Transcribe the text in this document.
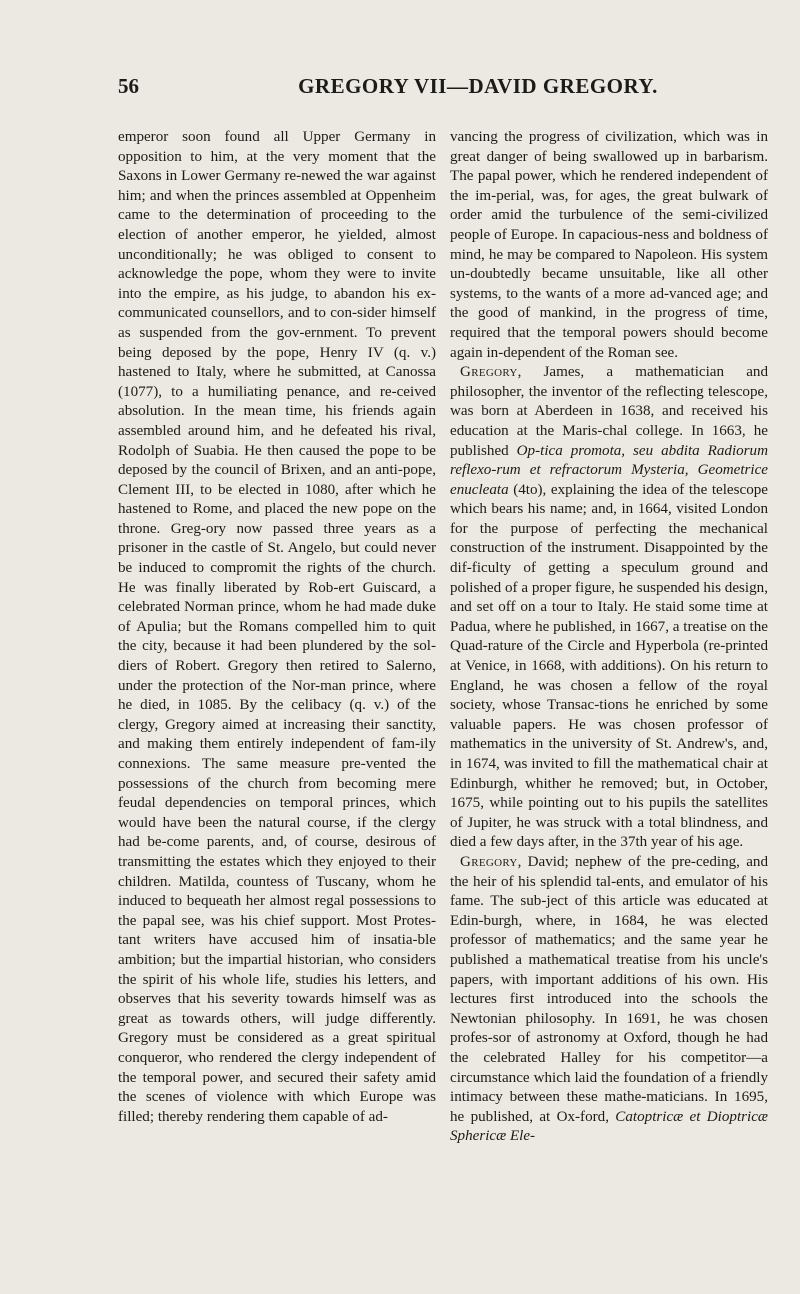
56	GREGORY VII—DAVID GREGORY.

emperor soon found all Upper Germany in opposition to him, at the very moment that the Saxons in Lower Germany re-newed the war against him; and when the princes assembled at Oppenheim came to the determination of proceeding to the election of another emperor, he yielded, almost unconditionally; he was obliged to consent to acknowledge the pope, whom they were to invite into the empire, as his judge, to abandon his ex-communicated counsellors, and to con-sider himself as suspended from the gov-ernment. To prevent being deposed by the pope, Henry IV (q. v.) hastened to Italy, where he submitted, at Canossa (1077), to a humiliating penance, and re-ceived absolution. In the mean time, his friends again assembled around him, and he defeated his rival, Rodolph of Suabia. He then caused the pope to be deposed by the council of Brixen, and an anti-pope, Clement III, to be elected in 1080, after which he hastened to Rome, and placed the new pope on the throne. Greg-ory now passed three years as a prisoner in the castle of St. Angelo, but could never be induced to compromit the rights of the church. He was finally liberated by Rob-ert Guiscard, a celebrated Norman prince, whom he had made duke of Apulia; but the Romans compelled him to quit the city, because it had been plundered by the sol-diers of Robert. Gregory then retired to Salerno, under the protection of the Nor-man prince, where he died, in 1085. By the celibacy (q. v.) of the clergy, Gregory aimed at increasing their sanctity, and making them entirely independent of fam-ily connexions. The same measure pre-vented the possessions of the church from becoming mere feudal dependencies on temporal princes, which would have been the natural course, if the clergy had be-come parents, and, of course, desirous of transmitting the estates which they enjoyed to their children. Matilda, countess of Tuscany, whom he induced to bequeath her almost regal possessions to the papal see, was his chief support. Most Protes-tant writers have accused him of insatia-ble ambition; but the impartial historian, who considers the spirit of his whole life, studies his letters, and observes that his severity towards himself was as great as towards others, will judge differently. Gregory must be considered as a great spiritual conqueror, who rendered the clergy independent of the temporal power, and secured their safety amid the scenes of violence with which Europe was filled; thereby rendering them capable of ad-

vancing the progress of civilization, which was in great danger of being swallowed up in barbarism. The papal power, which he rendered independent of the im-perial, was, for ages, the great bulwark of order amid the turbulence of the semi-civilized people of Europe. In capacious-ness and boldness of mind, he may be compared to Napoleon. His system un-doubtedly became unsuitable, like all other systems, to the wants of a more ad-vanced age; and the good of mankind, in the progress of time, required that the temporal powers should become again in-dependent of the Roman see.

Gregory, James, a mathematician and philosopher, the inventor of the reflecting telescope, was born at Aberdeen in 1638, and received his education at the Maris-chal college. In 1663, he published Op-tica promota, seu abdita Radiorum reflexo-rum et refractorum Mysteria, Geometrice enucleata (4to), explaining the idea of the telescope which bears his name; and, in 1664, visited London for the purpose of perfecting the mechanical construction of the instrument. Disappointed by the dif-ficulty of getting a speculum ground and polished of a proper figure, he suspended his design, and set off on a tour to Italy. He staid some time at Padua, where he published, in 1667, a treatise on the Quad-rature of the Circle and Hyperbola (re-printed at Venice, in 1668, with additions). On his return to England, he was chosen a fellow of the royal society, whose Transac-tions he enriched by some valuable papers. He was chosen professor of mathematics in the university of St. Andrew's, and, in 1674, was invited to fill the mathematical chair at Edinburgh, whither he removed; but, in October, 1675, while pointing out to his pupils the satellites of Jupiter, he was struck with a total blindness, and died a few days after, in the 37th year of his age.

Gregory, David; nephew of the pre-ceding, and the heir of his splendid tal-ents, and emulator of his fame. The sub-ject of this article was educated at Edin-burgh, where, in 1684, he was elected professor of mathematics; and the same year he published a mathematical treatise from his uncle's papers, with important additions of his own. His lectures first introduced into the schools the Newtonian philosophy. In 1691, he was chosen profes-sor of astronomy at Oxford, though he had the celebrated Halley for his competitor—a circumstance which laid the foundation of a friendly intimacy between these mathe-maticians. In 1695, he published, at Ox-ford, Catoptricæ et Dioptricæ Sphericæ Ele-
